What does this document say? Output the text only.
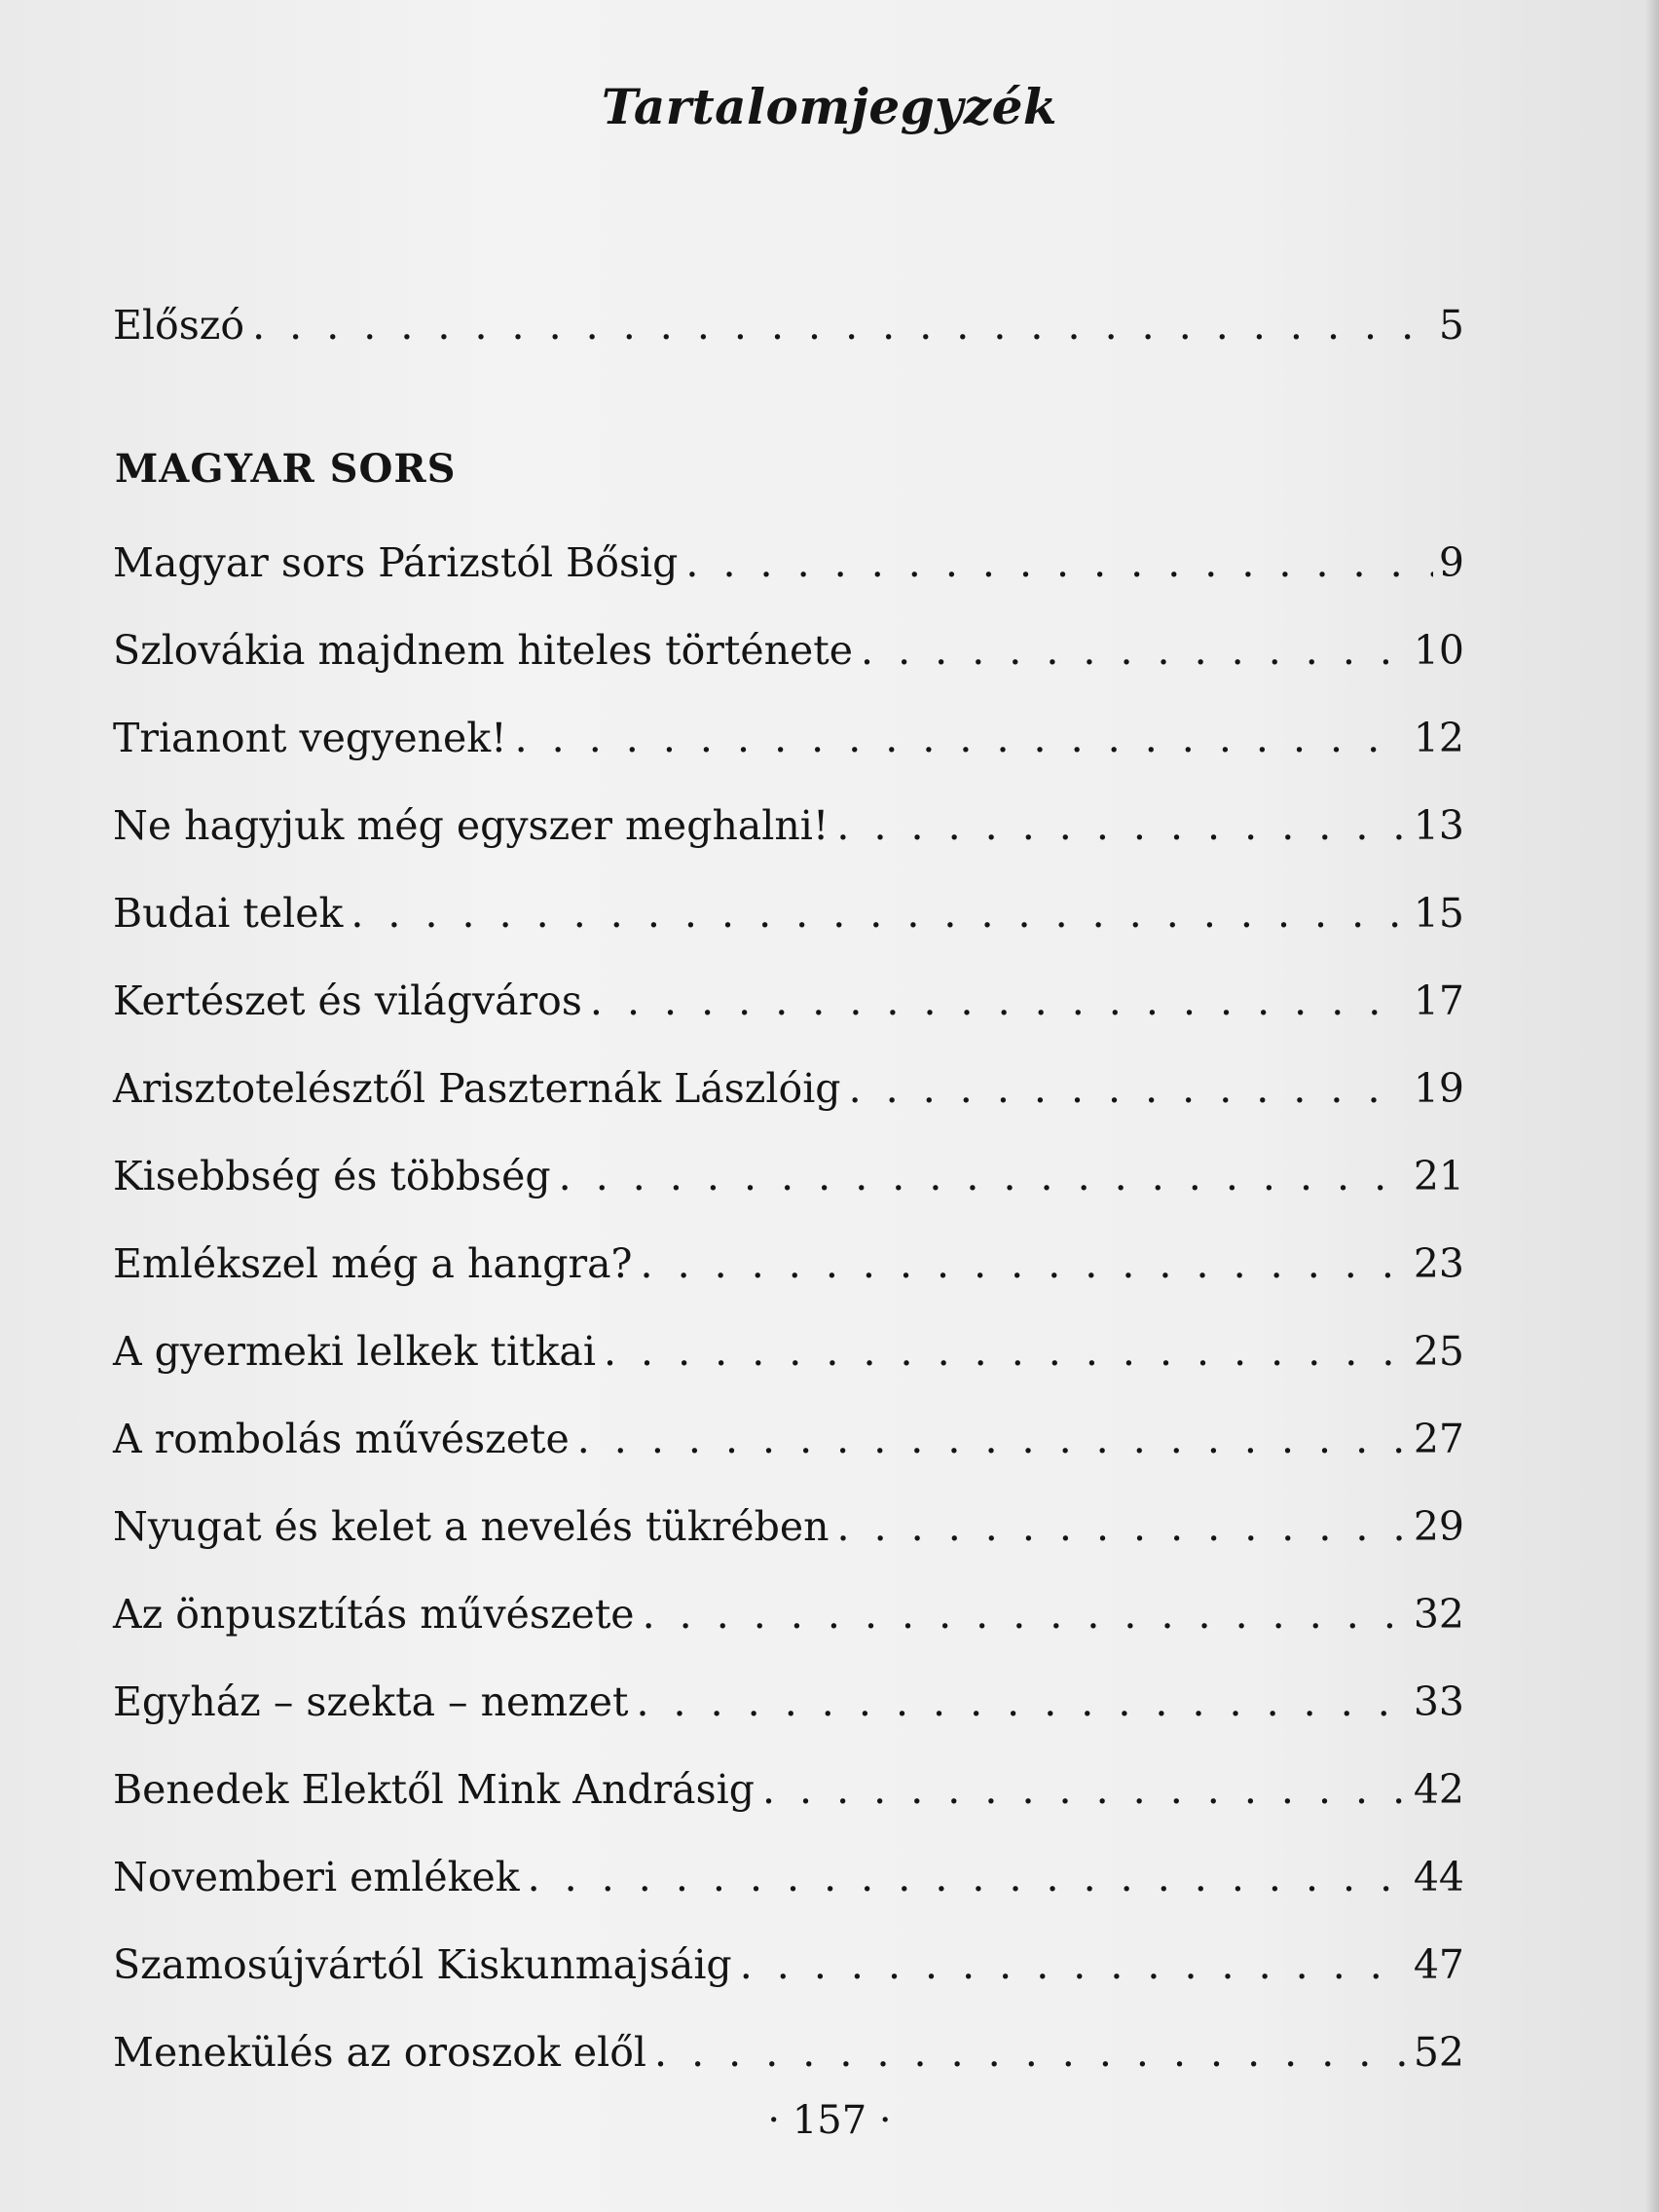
Tartalomjegyzék
Előszó . . .	5
MAGYAR SORS
Magyar sors Párizstól Bősig . . .	9
Szlovákia majdnem hiteles története . . .	10
Trianont vegyenek! . . .	12
Ne hagyjuk még egyszer meghalni! . . .	13
Budai telek . . .	15
Kertészet és világváros . . .	17
Arisztotelésztől Paszternák Lászlóig . . .	19
Kisebbség és többség . . .	21
Emlékszel még a hangra? . . .	23
A gyermeki lelkek titkai . . .	25
A rombolás művészete . . .	27
Nyugat és kelet a nevelés tükrében . . .	29
Az önpusztítás művészete . . .	32
Egyház – szekta – nemzet . . .	33
Benedek Elektől Mink Andrásig . . .	42
Novemberi emlékek . . .	44
Szamosújvártól Kiskunmajsáig . . .	47
Menekülés az oroszok elől . . .	52
· 157 ·
